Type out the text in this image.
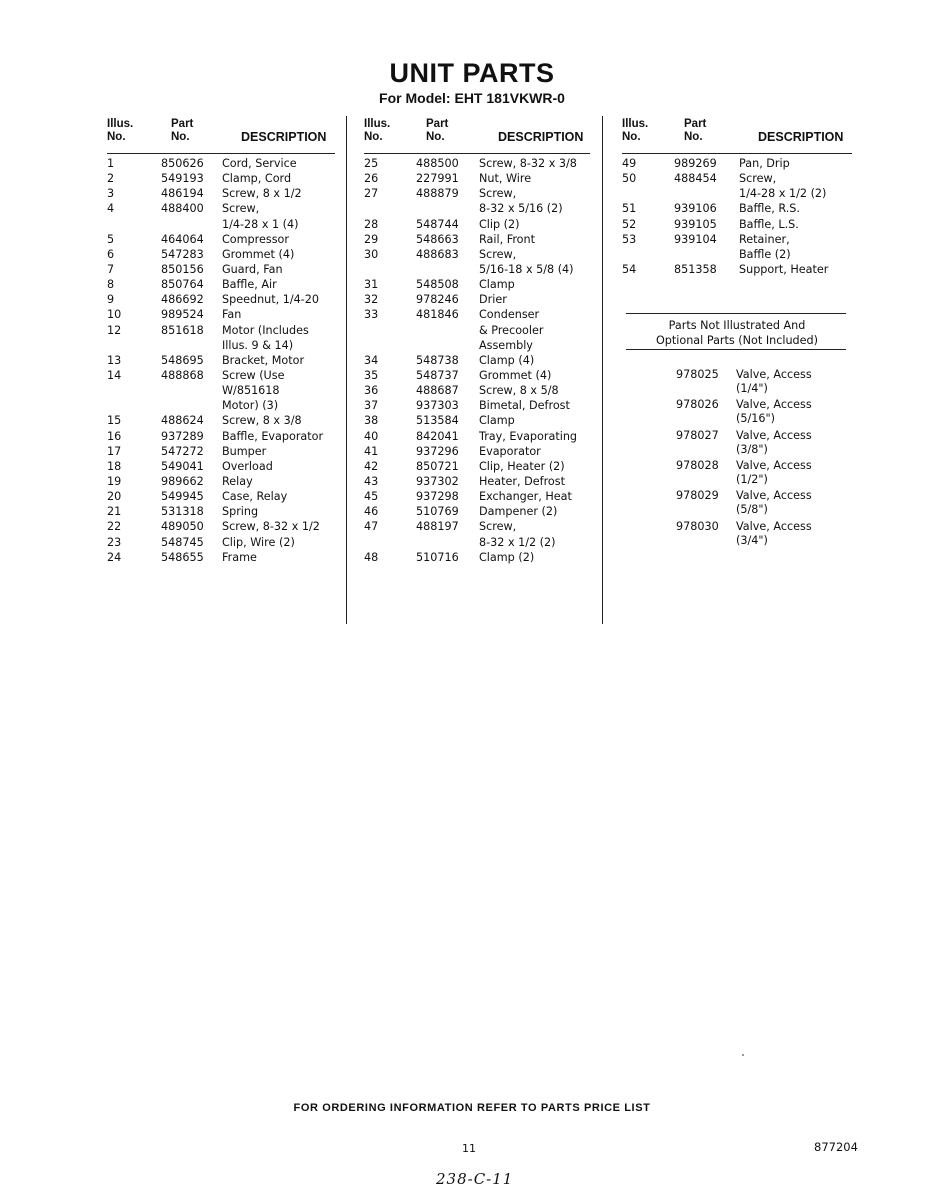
UNIT PARTS
For Model: EHT 181VKWR-0
Illus.
No.
Part
No.	DESCRIPTION
1	850626 Cord, Service
2	549193 Clamp, Cord
3	486194 Screw, 8 x 1/2
4	488400 Screw,
1/4-28 x 1 (4)
5	464064 Compressor
6	547283 Grommet (4)
7	850156 Guard, Fan
8	850764 Baffle, Air
9	486692 Speednut, 1/4-20
10	989524 Fan
12	851618 Motor (Includes
Illus. 9 & 14)
13	548695 Bracket, Motor
14	488868 Screw (Use
W/851618
Motor) (3)
15	488624 Screw, 8 x 3/8
16	937289 Baffle, Evaporator
17	547272 Bumper
18	549041 Overload
19	989662 Relay
20	549945 Case, Relay
21	531318 Spring
22	489050 Screw, 8-32 x 1/2
23	548745 Clip, Wire (2)
24	548655 Frame
Illus.
No.
Part
No.	DESCRIPTION
25	488500 Screw, 8-32 x 3/8
26	227991 Nut, Wire
27	488879 Screw,
8-32 x 5/16 (2)
28	548744 Clip (2)
29	548663 Rail, Front
30	488683 Screw,
5/16-18 x 5/8 (4)
31	548508 Clamp
32	978246 Drier
33	481846 Condenser
& Precooler
Assembly
34	548738 Clamp (4)
35	548737 Grommet (4)
36	488687 Screw, 8 x 5/8
37	937303 Bimetal, Defrost
38	513584 Clamp
40	842041 Tray, Evaporating
41	937296 Evaporator
42	850721 Clip, Heater (2)
43	937302 Heater, Defrost
45	937298 Exchanger, Heat
46	510769 Dampener (2)
47	488197 Screw,
8-32 x 1/2 (2)
48	510716 Clamp (2)
Illus.
No.
Part
No.	DESCRIPTION
49	989269 Pan, Drip
50	488454 Screw,
1/4-28 x 1/2 (2)
51	939106 Baffle, R.S.
52	939105 Baffle, L.S.
53	939104 Retainer,
Baffle (2)
54	851358 Support, Heater
Parts Not Illustrated And
Optional Parts (Not Included)
978025 Valve, Access
(1/4")
978026 Valve, Access
(5/16")
978027 Valve, Access
(3/8")
978028 Valve, Access
(1/2")
978029 Valve, Access
(5/8")
978030 Valve, Access
(3/4")
FOR ORDERING INFORMATION REFER TO PARTS PRICE LIST
11	877204
238-C-11
